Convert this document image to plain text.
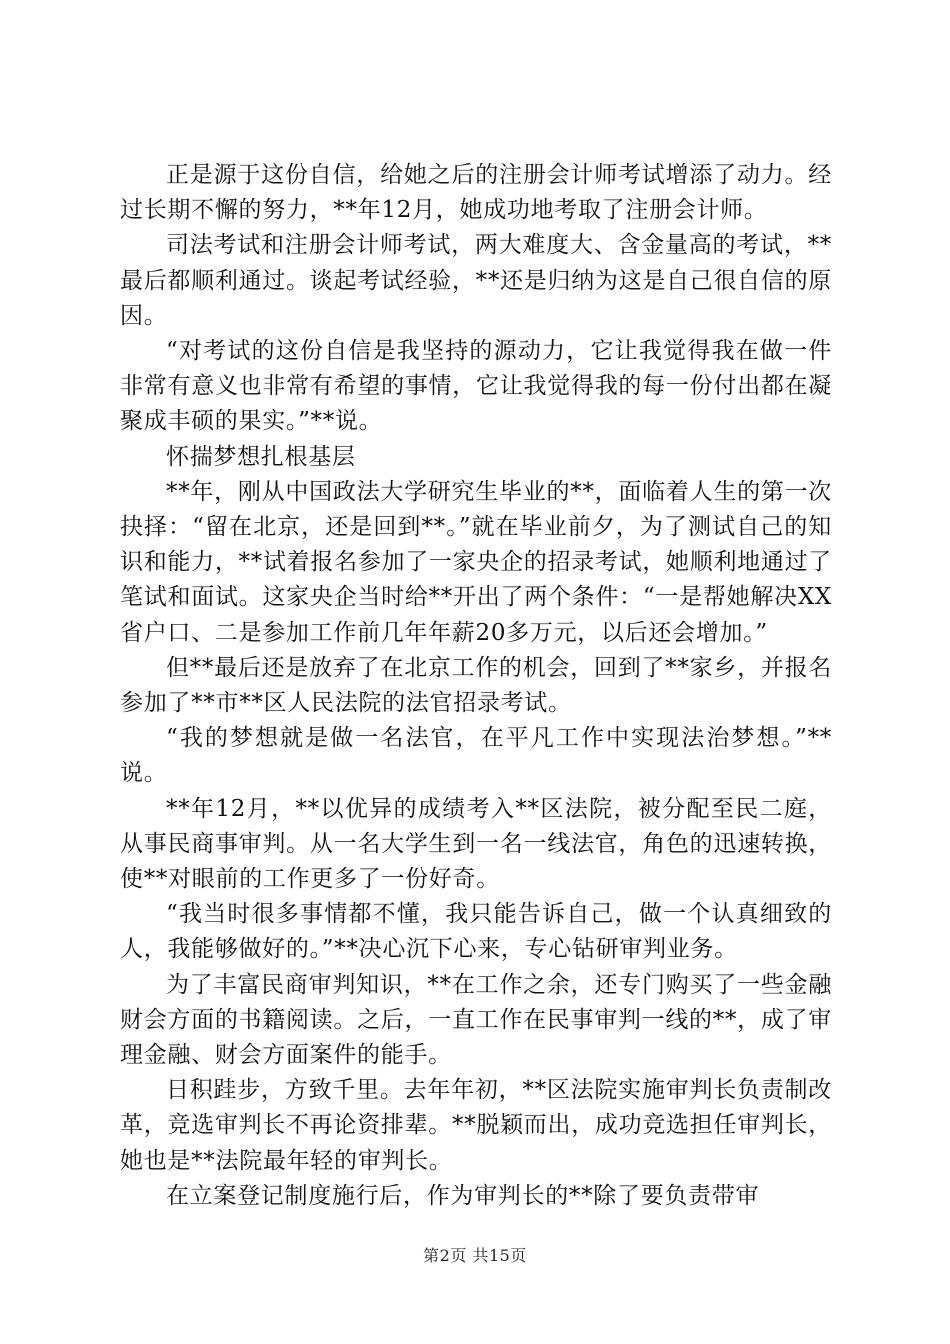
正是源于这份自信，给她之后的注册会计师考试增添了动力。经过长期不懈的努力，**年12月，她成功地考取了注册会计师。

司法考试和注册会计师考试，两大难度大、含金量高的考试，**最后都顺利通过。谈起考试经验，**还是归纳为这是自己很自信的原因。

“对考试的这份自信是我坚持的源动力，它让我觉得我在做一件非常有意义也非常有希望的事情，它让我觉得我的每一份付出都在凝聚成丰硕的果实。”**说。

怀揣梦想扎根基层

**年，刚从中国政法大学研究生毕业的**，面临着人生的第一次抉择：“留在北京，还是回到**。”就在毕业前夕，为了测试自己的知识和能力，**试着报名参加了一家央企的招录考试，她顺利地通过了笔试和面试。这家央企当时给**开出了两个条件：“一是帮她解决XX省户口、二是参加工作前几年年薪20多万元，以后还会增加。”

但**最后还是放弃了在北京工作的机会，回到了**家乡，并报名参加了**市**区人民法院的法官招录考试。

“我的梦想就是做一名法官，在平凡工作中实现法治梦想。”**说。

**年12月，**以优异的成绩考入**区法院，被分配至民二庭，从事民商事审判。从一名大学生到一名一线法官，角色的迅速转换，使**对眼前的工作更多了一份好奇。

“我当时很多事情都不懂，我只能告诉自己，做一个认真细致的人，我能够做好的。”**决心沉下心来，专心钻研审判业务。

为了丰富民商审判知识，**在工作之余，还专门购买了一些金融财会方面的书籍阅读。之后，一直工作在民事审判一线的**，成了审理金融、财会方面案件的能手。

日积跬步，方致千里。去年年初，**区法院实施审判长负责制改革，竞选审判长不再论资排辈。**脱颖而出，成功竞选担任审判长，她也是**法院最年轻的审判长。

在立案登记制度施行后，作为审判长的**除了要负责带审

第2页 共15页
